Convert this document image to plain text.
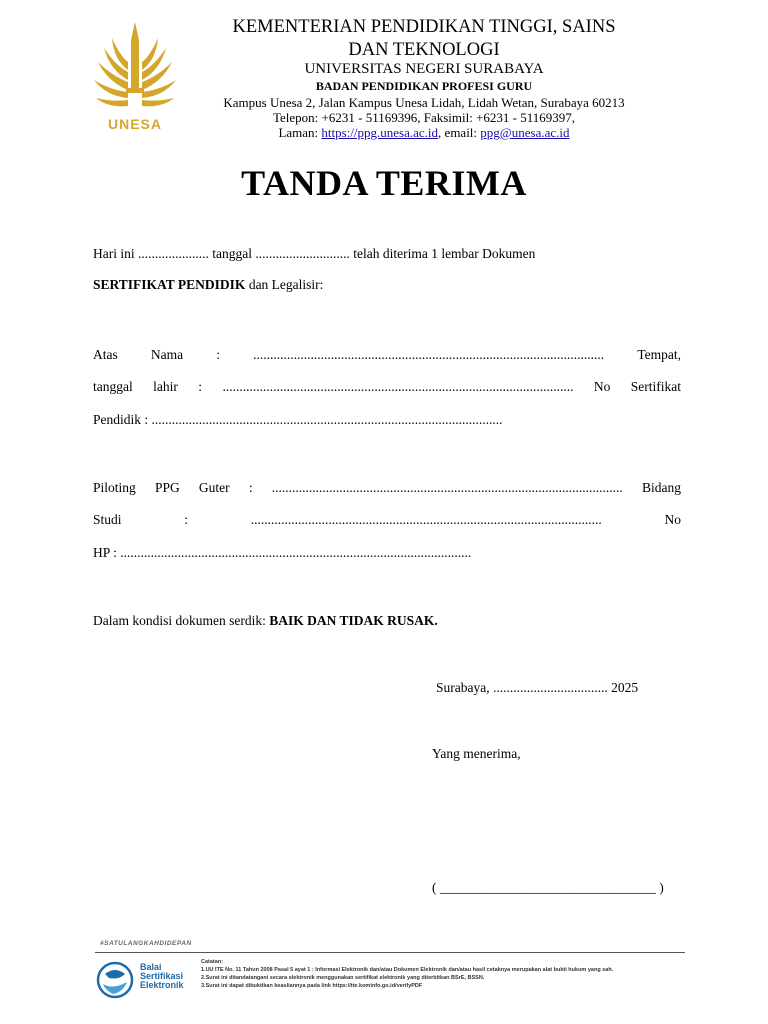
UNESA
KEMENTERIAN PENDIDIKAN TINGGI, SAINS
DAN TEKNOLOGI
UNIVERSITAS NEGERI SURABAYA
BADAN PENDIDIKAN PROFESI GURU
Kampus Unesa 2, Jalan Kampus Unesa Lidah, Lidah Wetan, Surabaya 60213
Telepon: +6231 - 51169396, Faksimil: +6231 - 51169397,
Laman: https://ppg.unesa.ac.id, email: ppg@unesa.ac.id
TANDA TERIMA
Hari ini ..................... tanggal ............................ telah diterima 1 lembar Dokumen
SERTIFIKAT PENDIDIK dan Legalisir:
Atas Nama : ........................................................................................................ Tempat,
tanggal lahir : ........................................................................................................ No Sertifikat
Pendidik : ........................................................................................................
Piloting PPG Guter : ........................................................................................................ Bidang
Studi	:	........................................................................................................	No
HP : ........................................................................................................
Dalam kondisi dokumen serdik: BAIK DAN TIDAK RUSAK.
Surabaya, .................................. 2025
Yang menerima,
( ________________________________ )
#SATULANGKAHDIDEPAN
Balai
Sertifikasi
Elektronik
Catatan:
1.UU ITE No. 11 Tahun 2008 Pasal 5 ayat 1 : Informasi Elektronik dan/atau Dokumen Elektronik dan/atau hasil cetaknya merupakan alat bukti hukum yang sah.
2.Surat ini ditandatangani secara elektronik menggunakan sertifikat elektronik yang diterbitkan BSrE, BSSN.
3.Surat ini dapat dibuktikan keasliannya pada link https://tte.kominfo.go.id/verifyPDF
